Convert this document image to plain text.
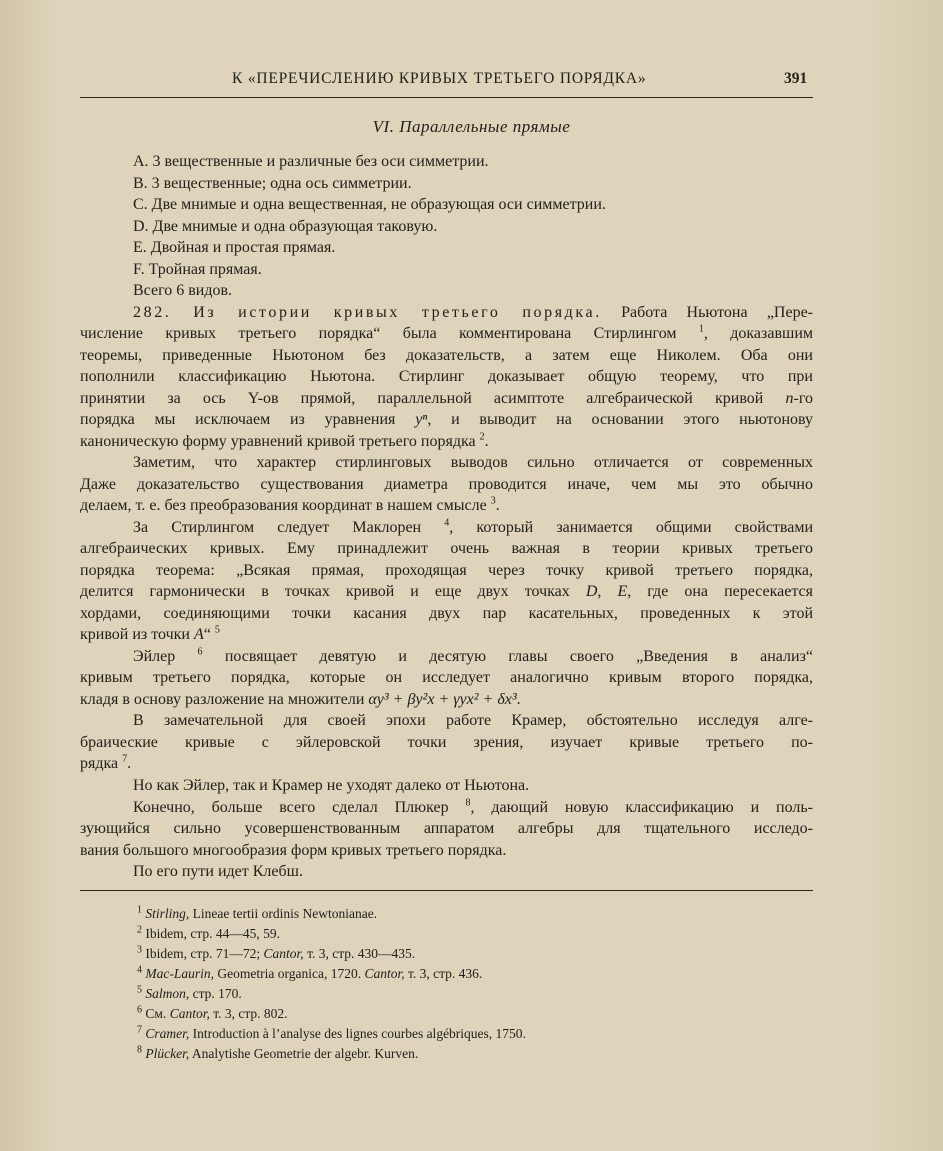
К «ПЕРЕЧИСЛЕНИЮ КРИВЫХ ТРЕТЬЕГО ПОРЯДКА»	391
VI. Параллельные прямые
A. 3 вещественные и различные без оси симметрии.
B. 3 вещественные; одна ось симметрии.
C. Две мнимые и одна вещественная, не образующая оси симметрии.
D. Две мнимые и одна образующая таковую.
E. Двойная и простая прямая.
F. Тройная прямая.
Всего 6 видов.
282. Из истории кривых третьего порядка. Работа Ньютона „Пере-
числение кривых третьего порядка“ была комментирована Стирлингом $^1$, доказавшим
теоремы, приведенные Ньютоном без доказательств, а затем еще Николем. Оба они
пополнили классификацию Ньютона. Стирлинг доказывает общую теорему, что при
принятии за ось Y-ов прямой, параллельной асимптоте алгебраической кривой n-го
порядка мы исключаем из уравнения yⁿ, и выводит на основании этого ньютонову
каноническую форму уравнений кривой третьего порядка $^2$.
Заметим, что характер стирлинговых выводов сильно отличается от современных
Даже доказательство существования диаметра проводится иначе, чем мы это обычно
делаем, т. е. без преобразования координат в нашем смысле $^3$.
За Стирлингом следует Маклорен $^4$, который занимается общими свойствами
алгебраических кривых. Ему принадлежит очень важная в теории кривых третьего
порядка теорема: „Всякая прямая, проходящая через точку кривой третьего порядка,
делится гармонически в точках кривой и еще двух точках D, E, где она пересекается
хордами, соединяющими точки касания двух пар касательных, проведенных к этой
кривой из точки A“ $^5$
Эйлер $^6$ посвящает девятую и десятую главы своего „Введения в анализ“
кривым третьего порядка, которые он исследует аналогично кривым второго порядка,
кладя в основу разложение на множители αy³ + βy²x + γyx² + δx³.
В замечательной для своей эпохи работе Крамер, обстоятельно исследуя алге-
браические кривые с эйлеровской точки зрения, изучает кривые третьего по-
рядка $^7$.
$^1$ Stirling, Lineae tertii ordinis Newtonianae.
$^2$ Ibidem, стр. 44—45, 59.
$^3$ Ibidem, стр. 71—72; Cantor, т. 3, стр. 430—435.
$^4$ Mac-Laurin, Geometria organica, 1720. Cantor, т. 3, стр. 436.
$^5$ Salmon, стр. 170.
$^6$ См. Cantor, т. 3, стр. 802.
$^7$ Cramer, Introduction à l’analyse des lignes courbes algébriques, 1750.
$^8$ Plücker, Analytishe Geometrie der algebr. Kurven.
Но как Эйлер, так и Крамер не уходят далеко от Ньютона.
Конечно, больше всего сделал Плюкер $^8$, дающий новую классификацию и поль-
зующийся сильно усовершенствованным аппаратом алгебры для тщательного исследо-
вания большого многообразия форм кривых третьего порядка.
По его пути идет Клебш.
